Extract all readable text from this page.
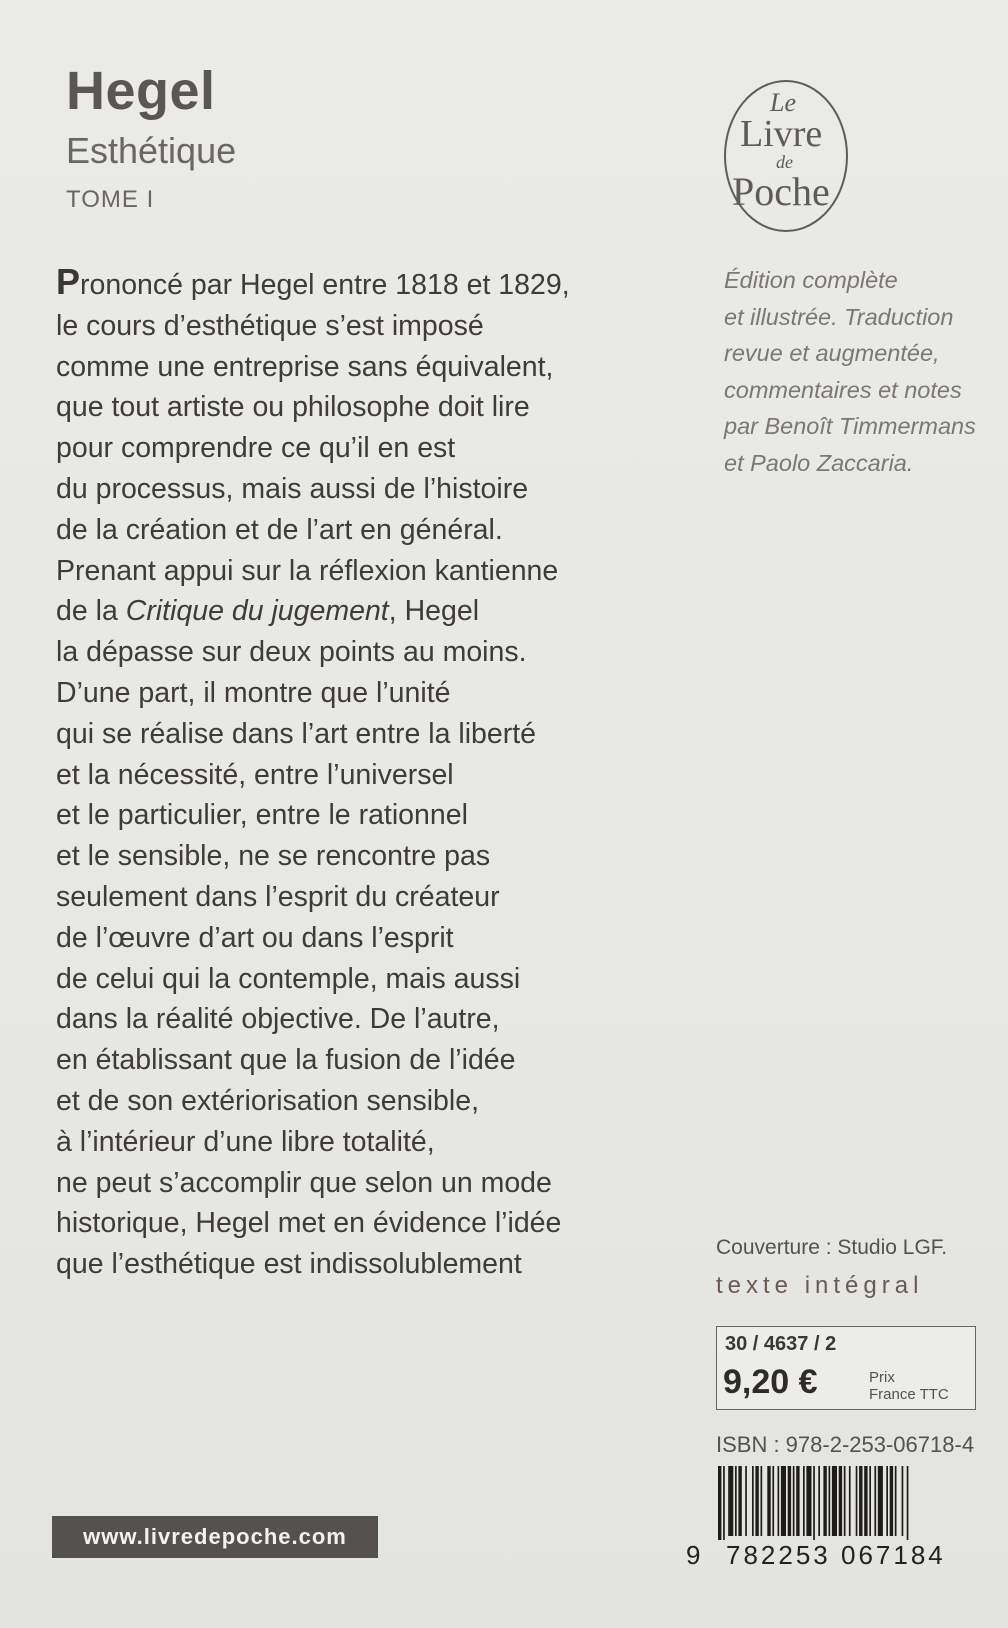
Hegel
Esthétique
TOME I
Le
Livre
de
Poche
Prononcé par Hegel entre 1818 et 1829,
le cours d’esthétique s’est imposé
comme une entreprise sans équivalent,
que tout artiste ou philosophe doit lire
pour comprendre ce qu’il en est
du processus, mais aussi de l’histoire
de la création et de l’art en général.
Prenant appui sur la réflexion kantienne
de la Critique du jugement, Hegel
la dépasse sur deux points au moins.
D’une part, il montre que l’unité
qui se réalise dans l’art entre la liberté
et la nécessité, entre l’universel
et le particulier, entre le rationnel
et le sensible, ne se rencontre pas
seulement dans l’esprit du créateur
de l’œuvre d’art ou dans l’esprit
de celui qui la contemple, mais aussi
dans la réalité objective. De l’autre,
en établissant que la fusion de l’idée
et de son extériorisation sensible,
à l’intérieur d’une libre totalité,
ne peut s’accomplir que selon un mode
historique, Hegel met en évidence l’idée
que l’esthétique est indissolublement
Édition complète
et illustrée. Traduction
revue et augmentée,
commentaires et notes
par Benoît Timmermans
et Paolo Zaccaria.
Couverture : Studio LGF.
texte intégral
30 / 4637 / 2
9,20 €	Prix
France TTC
ISBN : 978-2-253-06718-4
9 782253 067184
www.livredepoche.com
